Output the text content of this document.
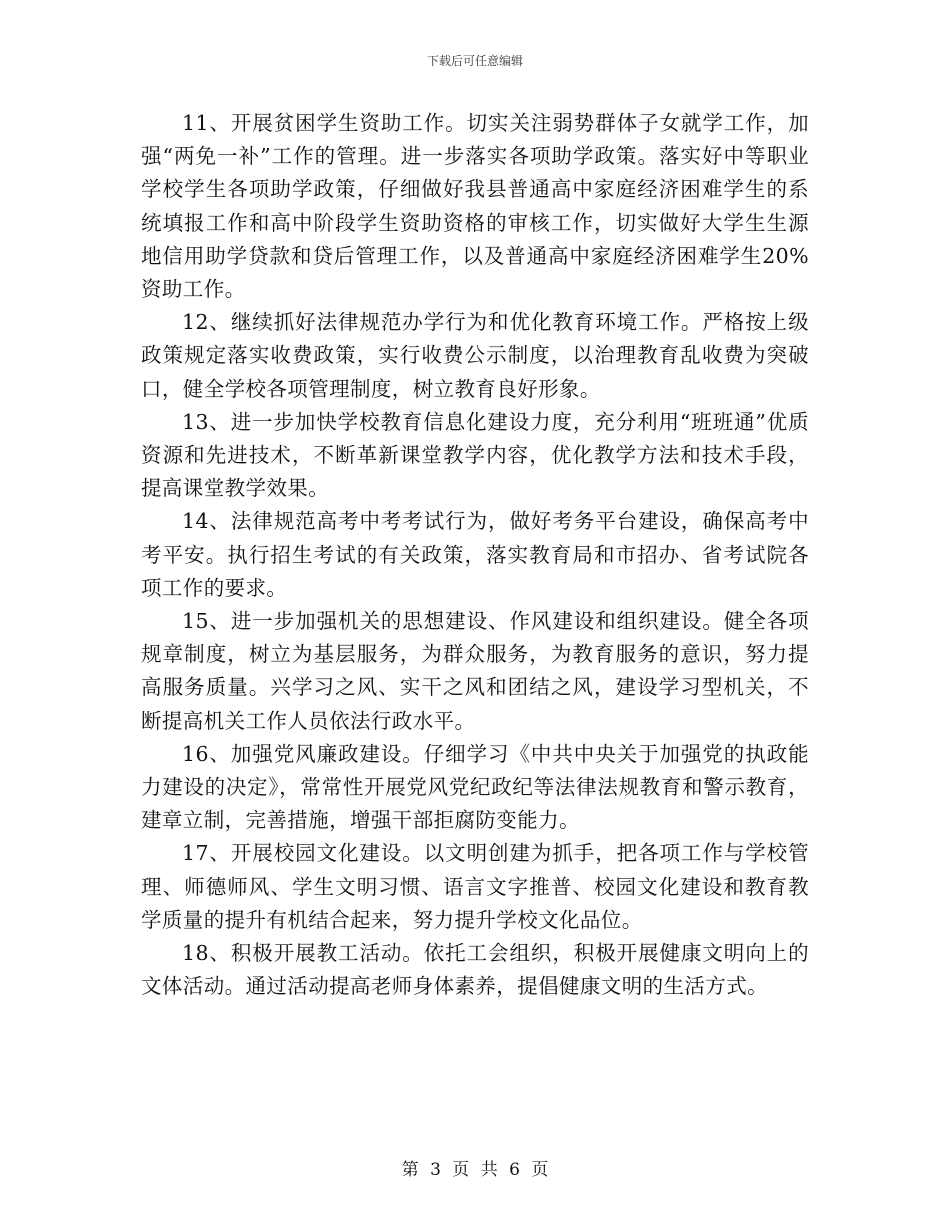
下载后可任意编辑

11、开展贫困学生资助工作。切实关注弱势群体子女就学工作，加强“两免一补”工作的管理。进一步落实各项助学政策。落实好中等职业学校学生各项助学政策，仔细做好我县普通高中家庭经济困难学生的系统填报工作和高中阶段学生资助资格的审核工作，切实做好大学生生源地信用助学贷款和贷后管理工作，以及普通高中家庭经济困难学生20%资助工作。

12、继续抓好法律规范办学行为和优化教育环境工作。严格按上级政策规定落实收费政策，实行收费公示制度，以治理教育乱收费为突破口，健全学校各项管理制度，树立教育良好形象。

13、进一步加快学校教育信息化建设力度，充分利用“班班通”优质资源和先进技术，不断革新课堂教学内容，优化教学方法和技术手段，提高课堂教学效果。

14、法律规范高考中考考试行为，做好考务平台建设，确保高考中考平安。执行招生考试的有关政策，落实教育局和市招办、省考试院各项工作的要求。

15、进一步加强机关的思想建设、作风建设和组织建设。健全各项规章制度，树立为基层服务，为群众服务，为教育服务的意识，努力提高服务质量。兴学习之风、实干之风和团结之风，建设学习型机关，不断提高机关工作人员依法行政水平。

16、加强党风廉政建设。仔细学习《中共中央关于加强党的执政能力建设的决定》，常常性开展党风党纪政纪等法律法规教育和警示教育，建章立制，完善措施，增强干部拒腐防变能力。

17、开展校园文化建设。以文明创建为抓手，把各项工作与学校管理、师德师风、学生文明习惯、语言文字推普、校园文化建设和教育教学质量的提升有机结合起来，努力提升学校文化品位。

18、积极开展教工活动。依托工会组织，积极开展健康文明向上的文体活动。通过活动提高老师身体素养，提倡健康文明的生活方式。

第 3 页 共 6 页
